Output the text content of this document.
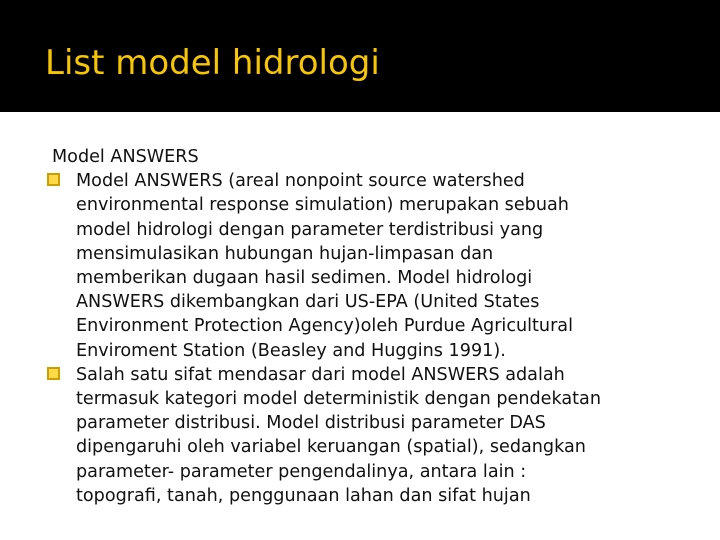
List model hidrologi
Model ANSWERS
Model ANSWERS (areal nonpoint source watershed
environmental response simulation) merupakan sebuah
model hidrologi dengan parameter terdistribusi yang
mensimulasikan hubungan hujan-limpasan dan
memberikan dugaan hasil sedimen. Model hidrologi
ANSWERS dikembangkan dari US-EPA (United States
Environment Protection Agency)oleh Purdue Agricultural
Enviroment Station (Beasley and Huggins 1991).
Salah satu sifat mendasar dari model ANSWERS adalah
termasuk kategori model deterministik dengan pendekatan
parameter distribusi. Model distribusi parameter DAS
dipengaruhi oleh variabel keruangan (spatial), sedangkan
parameter- parameter pengendalinya, antara lain :
topografi, tanah, penggunaan lahan dan sifat hujan
